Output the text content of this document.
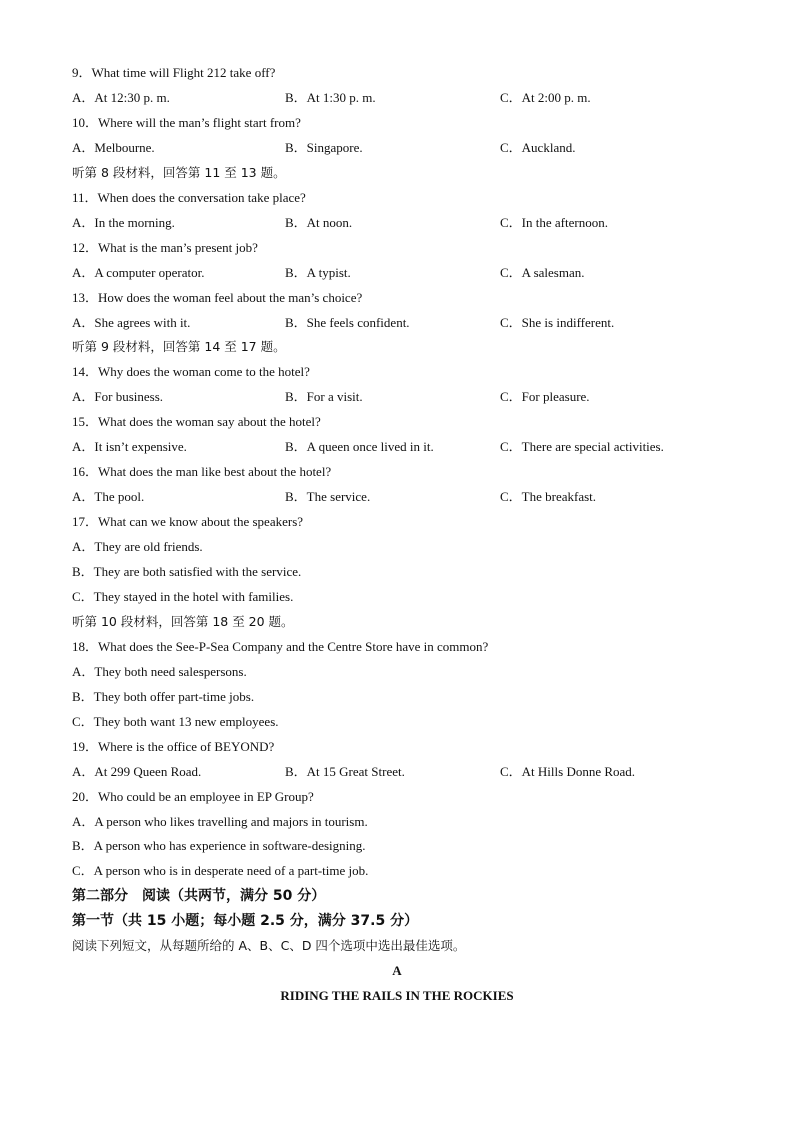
9．What time will Flight 212 take off?
A．At 12:30 p. m.	B．At 1:30 p. m.	C．At 2:00 p. m.
10．Where will the man’s flight start from?
A．Melbourne.	B．Singapore.	C．Auckland.
听第 8 段材料，回答第 11 至 13 题。
11．When does the conversation take place?
A．In the morning.	B．At noon.	C．In the afternoon.
12．What is the man’s present job?
A．A computer operator.	B．A typist.	C．A salesman.
13．How does the woman feel about the man’s choice?
A．She agrees with it.	B．She feels confident.	C．She is indifferent.
听第 9 段材料，回答第 14 至 17 题。
14．Why does the woman come to the hotel?
A．For business.	B．For a visit.	C．For pleasure.
15．What does the woman say about the hotel?
A．It isn’t expensive.	B．A queen once lived in it.	C．There are special activities.
16．What does the man like best about the hotel?
A．The pool.	B．The service.	C．The breakfast.
17．What can we know about the speakers?
A．They are old friends.
B．They are both satisfied with the service.
C．They stayed in the hotel with families.
听第 10 段材料，回答第 18 至 20 题。
18．What does the See-P-Sea Company and the Centre Store have in common?
A．They both need salespersons.
B．They both offer part-time jobs.
C．They both want 13 new employees.
19．Where is the office of BEYOND?
A．At 299 Queen Road.	B．At 15 Great Street.	C．At Hills Donne Road.
20．Who could be an employee in EP Group?
A．A person who likes travelling and majors in tourism.
B．A person who has experience in software-designing.
C．A person who is in desperate need of a part-time job.
第二部分　阅读（共两节，满分 50 分）
第一节（共 15 小题；每小题 2.5 分，满分 37.5 分）
阅读下列短文，从每题所给的 A、B、C、D 四个选项中选出最佳选项。
A
RIDING THE RAILS IN THE ROCKIES
